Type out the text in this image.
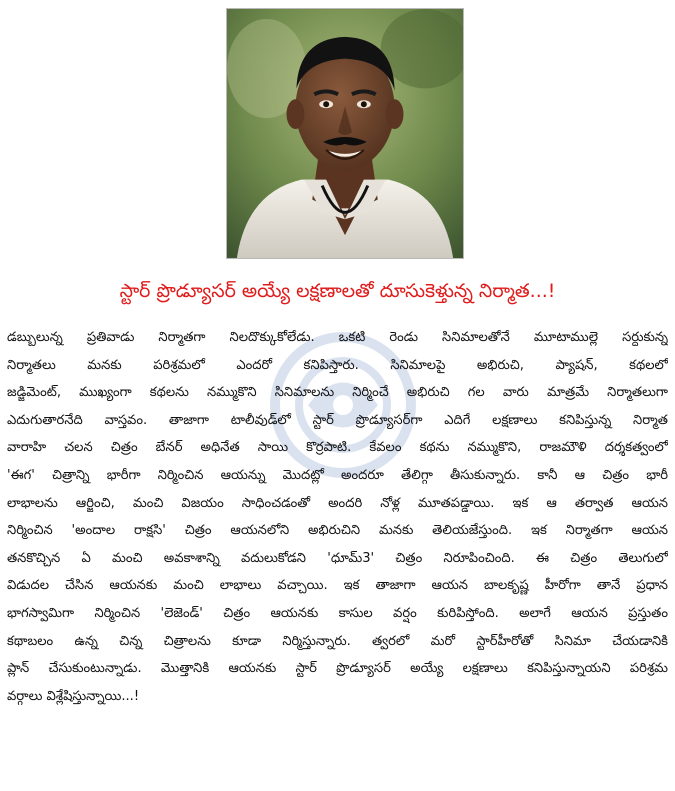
స్టార్ ప్రొడ్యూసర్ అయ్యే లక్షణాలతో దూసుకెళ్తున్న నిర్మాత...!
డబ్బులున్న ప్రతివాడు నిర్మాతగా నిలదొక్కుకోలేడు. ఒకటి రెండు సినిమాలతోనే మూటాముల్లె సర్దుకున్న
నిర్మాతలు మనకు పరిశ్రమలో ఎందరో కనిపిస్తారు. సినిమాలపై అభిరుచి, ప్యాషన్, కథలలో
జడ్జిమెంట్, ముఖ్యంగా కథలను నమ్ముకొని సినిమాలను నిర్మించే అభిరుచి గల వారు మాత్రమే నిర్మాతలుగా
ఎదుగుతారనేది వాస్తవం. తాజాగా టాలీవుడ్‌లో స్టార్ ప్రొడ్యూసర్‌గా ఎదిగే లక్షణాలు కనిపిస్తున్న నిర్మాత
వారాహి చలన చిత్రం బేనర్ అధినేత సాయి కొర్రపాటి. కేవలం కథను నమ్ముకొని, రాజమౌళి దర్శకత్వంలో
'ఈగ' చిత్రాన్ని భారీగా నిర్మించిన ఆయన్ను మొదట్లో అందరూ తేలిగ్గా తీసుకున్నారు. కానీ ఆ చిత్రం భారీ
లాభాలను ఆర్జించి, మంచి విజయం సాధించడంతో అందరి నోళ్ల మూతపడ్డాయి. ఇక ఆ తర్వాత ఆయన
నిర్మించిన 'అందాల రాక్షసి' చిత్రం ఆయనలోని అభిరుచిని మనకు తెలియజేస్తుంది. ఇక నిర్మాతగా ఆయన
తనకొచ్చిన ఏ మంచి అవకాశాన్ని వదులుకోడని 'ధూమ్3' చిత్రం నిరూపించింది. ఈ చిత్రం తెలుగులో
విడుదల చేసిన ఆయనకు మంచి లాభాలు వచ్చాయి. ఇక తాజాగా ఆయన బాలకృష్ణ హీరోగా తానే ప్రధాన
భాగస్వామిగా నిర్మించిన 'లెజెండ్' చిత్రం ఆయనకు కాసుల వర్షం కురిపిస్తోంది. అలాగే ఆయన ప్రస్తుతం
కథాబలం ఉన్న చిన్న చిత్రాలను కూడా నిర్మిస్తున్నారు. త్వరలో మరో స్టార్‌హీరోతో సినిమా చేయడానికి
ప్లాన్ చేసుకుంటున్నాడు. మొత్తానికి ఆయనకు స్టార్ ప్రొడ్యూసర్ అయ్యే లక్షణాలు కనిపిస్తున్నాయని పరిశ్రమ
వర్గాలు విశ్లేషిస్తున్నాయి...!
